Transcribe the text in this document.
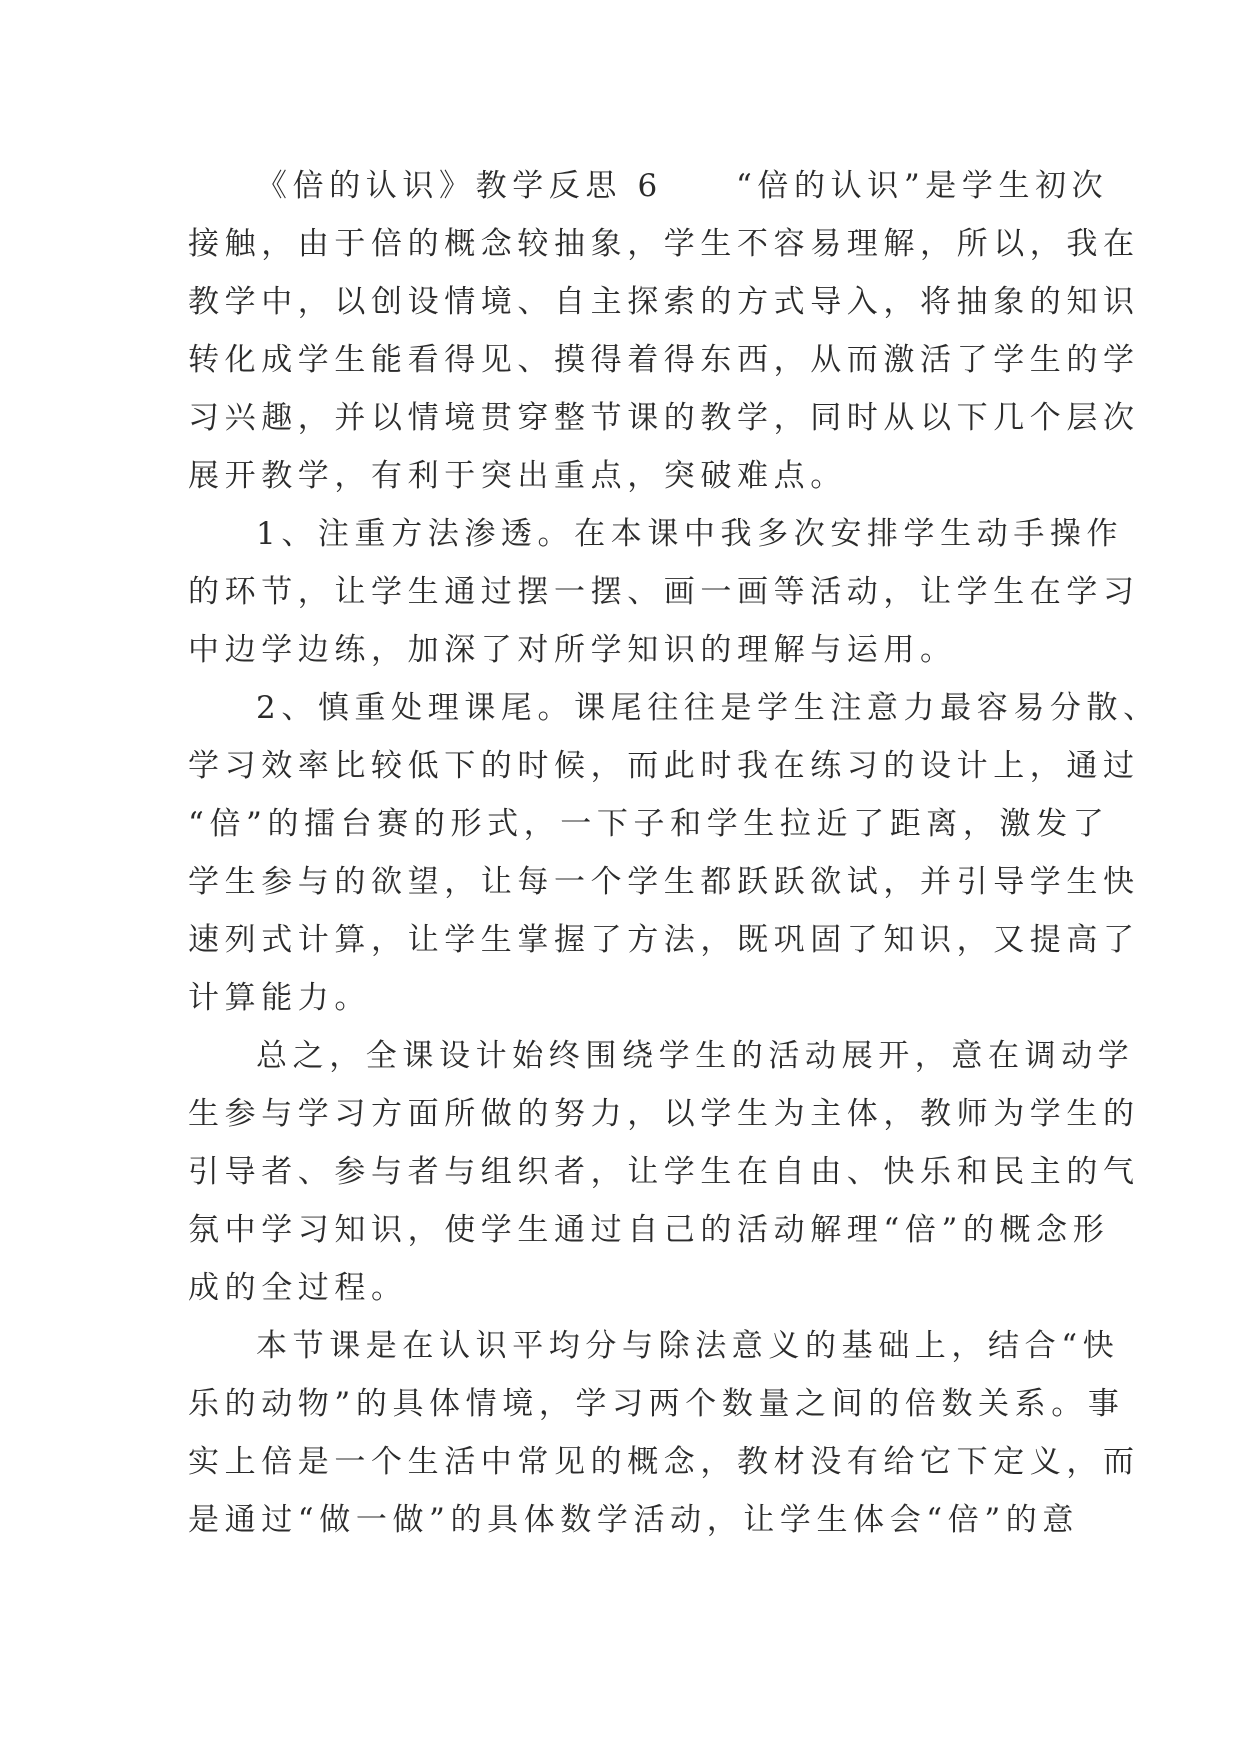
《倍的认识》教学反思 6　　“倍的认识”是学生初次
接触，由于倍的概念较抽象，学生不容易理解，所以，我在
教学中，以创设情境、自主探索的方式导入，将抽象的知识
转化成学生能看得见、摸得着得东西，从而激活了学生的学
习兴趣，并以情境贯穿整节课的教学，同时从以下几个层次
展开教学，有利于突出重点，突破难点。
1、注重方法渗透。在本课中我多次安排学生动手操作
的环节，让学生通过摆一摆、画一画等活动，让学生在学习
中边学边练，加深了对所学知识的理解与运用。
2、慎重处理课尾。课尾往往是学生注意力最容易分散、
学习效率比较低下的时候，而此时我在练习的设计上，通过
“倍”的擂台赛的形式，一下子和学生拉近了距离，激发了
学生参与的欲望，让每一个学生都跃跃欲试，并引导学生快
速列式计算，让学生掌握了方法，既巩固了知识，又提高了
计算能力。
总之，全课设计始终围绕学生的活动展开，意在调动学
生参与学习方面所做的努力，以学生为主体，教师为学生的
引导者、参与者与组织者，让学生在自由、快乐和民主的气
氛中学习知识，使学生通过自己的活动解理“倍”的概念形
成的全过程。
本节课是在认识平均分与除法意义的基础上，结合“快
乐的动物”的具体情境，学习两个数量之间的倍数关系。事
实上倍是一个生活中常见的概念，教材没有给它下定义，而
是通过“做一做”的具体数学活动，让学生体会“倍”的意
